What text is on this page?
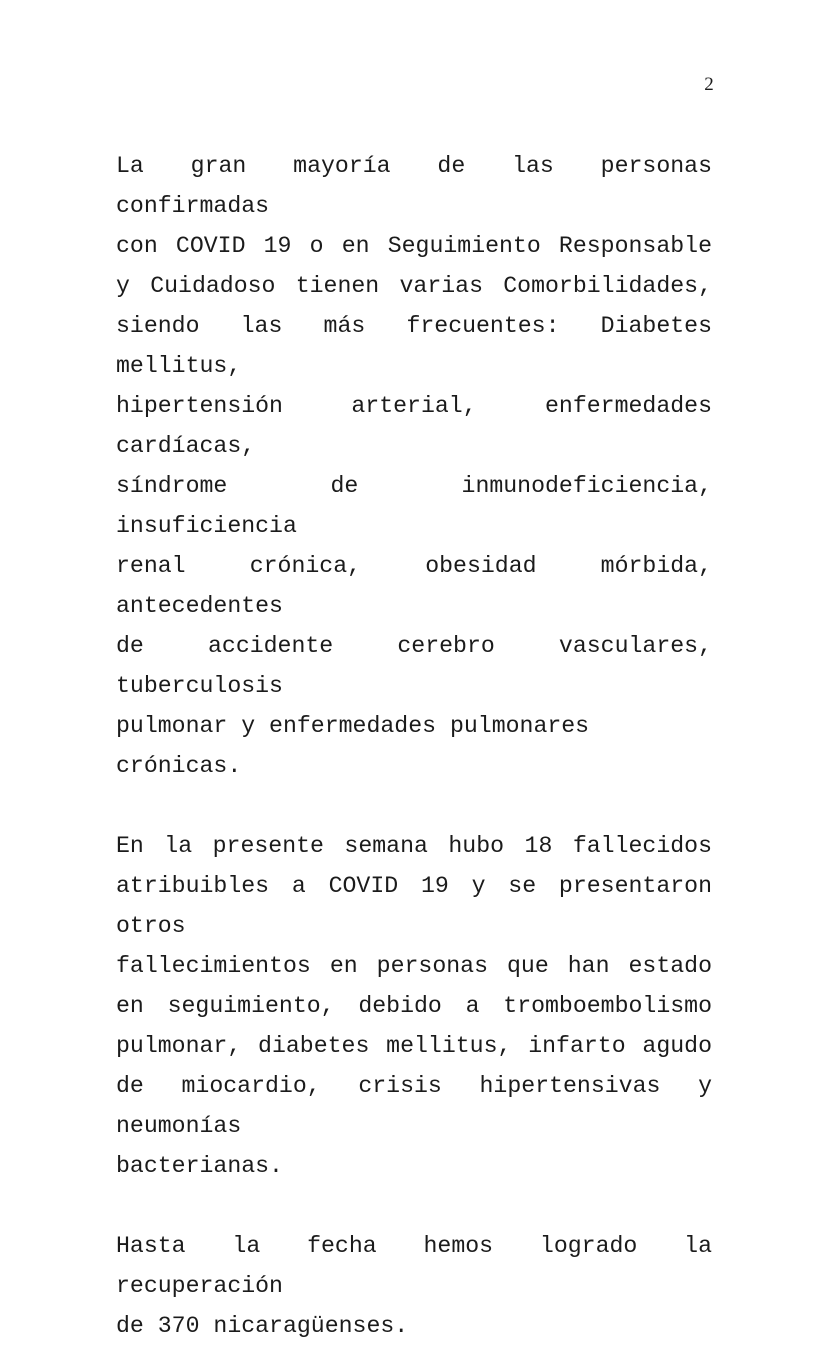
2

La gran mayoría de las personas confirmadas
con COVID 19 o en Seguimiento Responsable
y Cuidadoso tienen varias Comorbilidades,
siendo las más frecuentes: Diabetes mellitus,
hipertensión arterial, enfermedades cardíacas,
síndrome de inmunodeficiencia, insuficiencia
renal crónica, obesidad mórbida, antecedentes
de accidente cerebro vasculares, tuberculosis
pulmonar y enfermedades pulmonares crónicas.

En la presente semana hubo 18 fallecidos
atribuibles a COVID 19 y se presentaron otros
fallecimientos en personas que han estado
en seguimiento, debido a tromboembolismo
pulmonar, diabetes mellitus, infarto agudo
de miocardio, crisis hipertensivas y neumonías
bacterianas.

Hasta la fecha hemos logrado la recuperación
de 370 nicaragüenses.
